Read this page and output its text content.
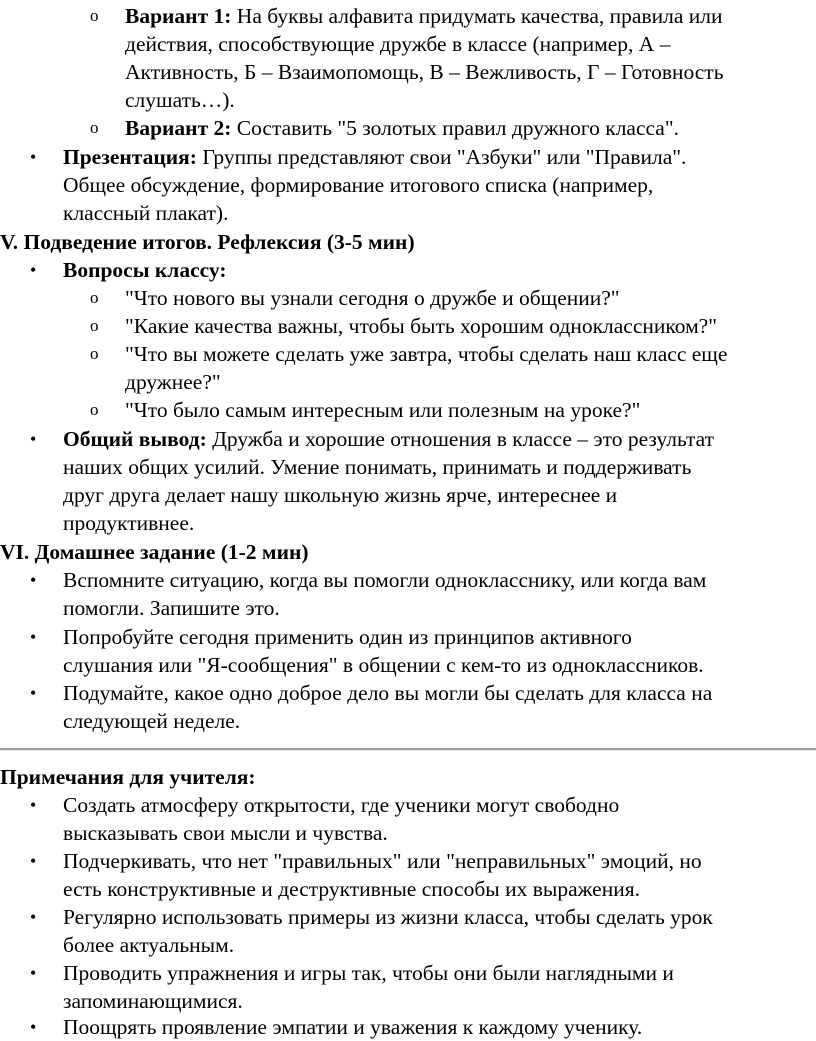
o Вариант 1: На буквы алфавита придумать качества, правила или
действия, способствующие дружбе в классе (например, А –
Активность, Б – Взаимопомощь, В – Вежливость, Г – Готовность
слушать…).
o Вариант 2: Составить "5 золотых правил дружного класса".
• Презентация: Группы представляют свои "Азбуки" или "Правила".
Общее обсуждение, формирование итогового списка (например,
классный плакат).
V. Подведение итогов. Рефлексия (3-5 мин)
• Вопросы классу:
o "Что нового вы узнали сегодня о дружбе и общении?"
o "Какие качества важны, чтобы быть хорошим одноклассником?"
o "Что вы можете сделать уже завтра, чтобы сделать наш класс еще
дружнее?"
o "Что было самым интересным или полезным на уроке?"
• Общий вывод: Дружба и хорошие отношения в классе – это результат
наших общих усилий. Умение понимать, принимать и поддерживать
друг друга делает нашу школьную жизнь ярче, интереснее и
продуктивнее.
VI. Домашнее задание (1-2 мин)
• Вспомните ситуацию, когда вы помогли однокласснику, или когда вам
помогли. Запишите это.
• Попробуйте сегодня применить один из принципов активного
слушания или "Я-сообщения" в общении с кем-то из одноклассников.
• Подумайте, какое одно доброе дело вы могли бы сделать для класса на
следующей неделе.
Примечания для учителя:
• Создать атмосферу открытости, где ученики могут свободно
высказывать свои мысли и чувства.
• Подчеркивать, что нет "правильных" или "неправильных" эмоций, но
есть конструктивные и деструктивные способы их выражения.
• Регулярно использовать примеры из жизни класса, чтобы сделать урок
более актуальным.
• Проводить упражнения и игры так, чтобы они были наглядными и
запоминающимися.
• Поощрять проявление эмпатии и уважения к каждому ученику.
